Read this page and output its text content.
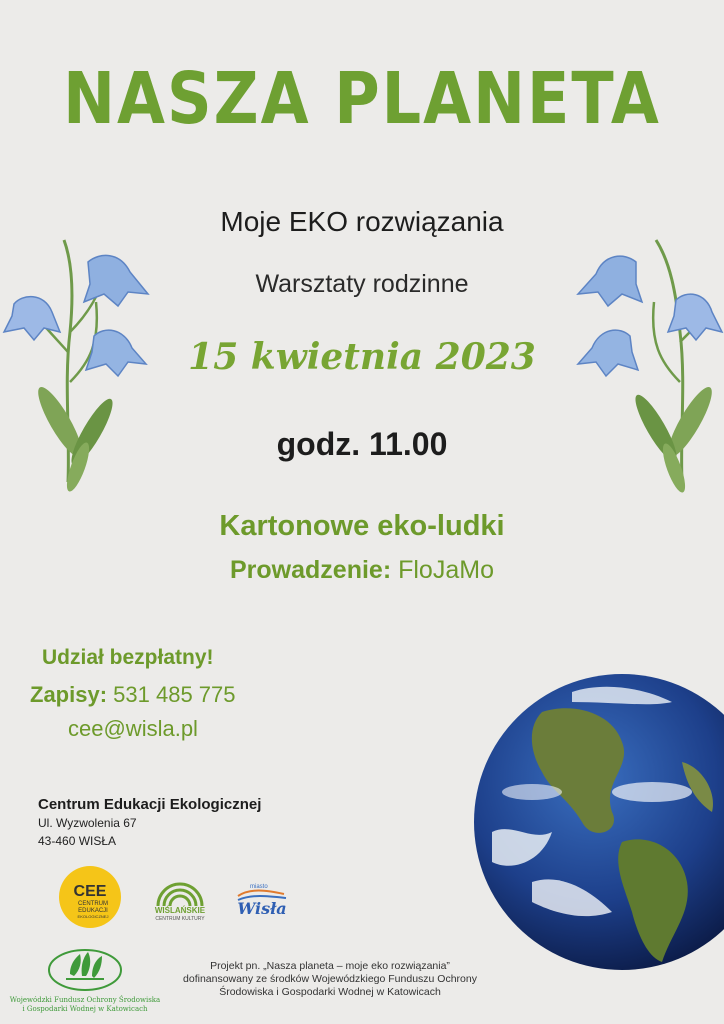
NASZA PLANETA
Moje EKO rozwiązania
Warsztaty rodzinne
15 kwietnia 2023
godz. 11.00
Kartonowe eko-ludki
Prowadzenie: FloJaMo
Udział bezpłatny!
Zapisy: 531 485 775
cee@wisla.pl
Centrum Edukacji Ekologicznej
Ul. Wyzwolenia 67
43-460 WISŁA
CEE
CENTRUM
EDUKACJI
EKOLOGICZNEJ
WIŚLAŃSKIE
CENTRUM KULTURY
miasto
Wisła
Wojewódzki Fundusz Ochrony Środowiska
i Gospodarki Wodnej w Katowicach
Projekt pn. „Nasza planeta – moje eko rozwiązania”
dofinansowany ze środków Wojewódzkiego Funduszu Ochrony
Środowiska i Gospodarki Wodnej w Katowicach
